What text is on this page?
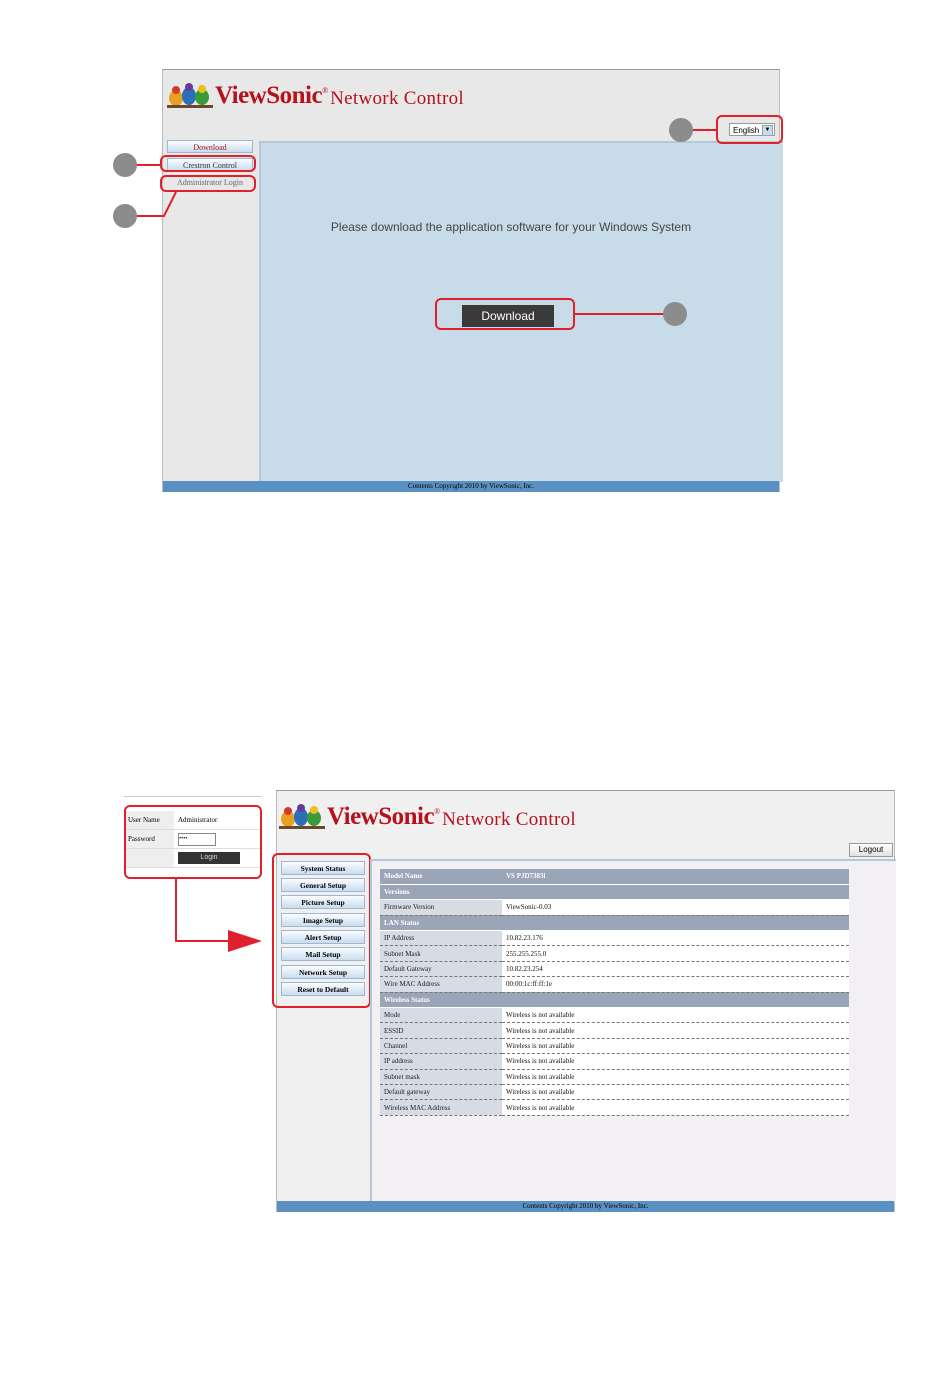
ViewSonic ® Network Control
English ▼
Download
Crestron Control
Administrator Login
Please download the application software for your Windows System
Download
Contents Copyright 2010 by ViewSonic, Inc.
User Name	Administrator
Password	••••
	Login
ViewSonic ® Network Control
Logout
System Status
General Setup
Picture Setup
Image Setup
Alert Setup
Mail Setup
Network Setup
Reset to Default
Model Name	VS PJD7383i
Versions	
Firmware Version	ViewSonic-0.03
LAN Status	
IP Address	10.82.23.176
Subnet Mask	255.255.255.0
Default Gateway	10.82.23.254
Wire MAC Address	00:00:1c:ff:ff:1e
Wireless Status	
Mode	Wireless is not available
ESSID	Wireless is not available
Channel	Wireless is not available
IP address	Wireless is not available
Subnet mask	Wireless is not available
Default gateway	Wireless is not available
Wireless MAC Address	Wireless is not available
Contents Copyright 2010 by ViewSonic, Inc.
